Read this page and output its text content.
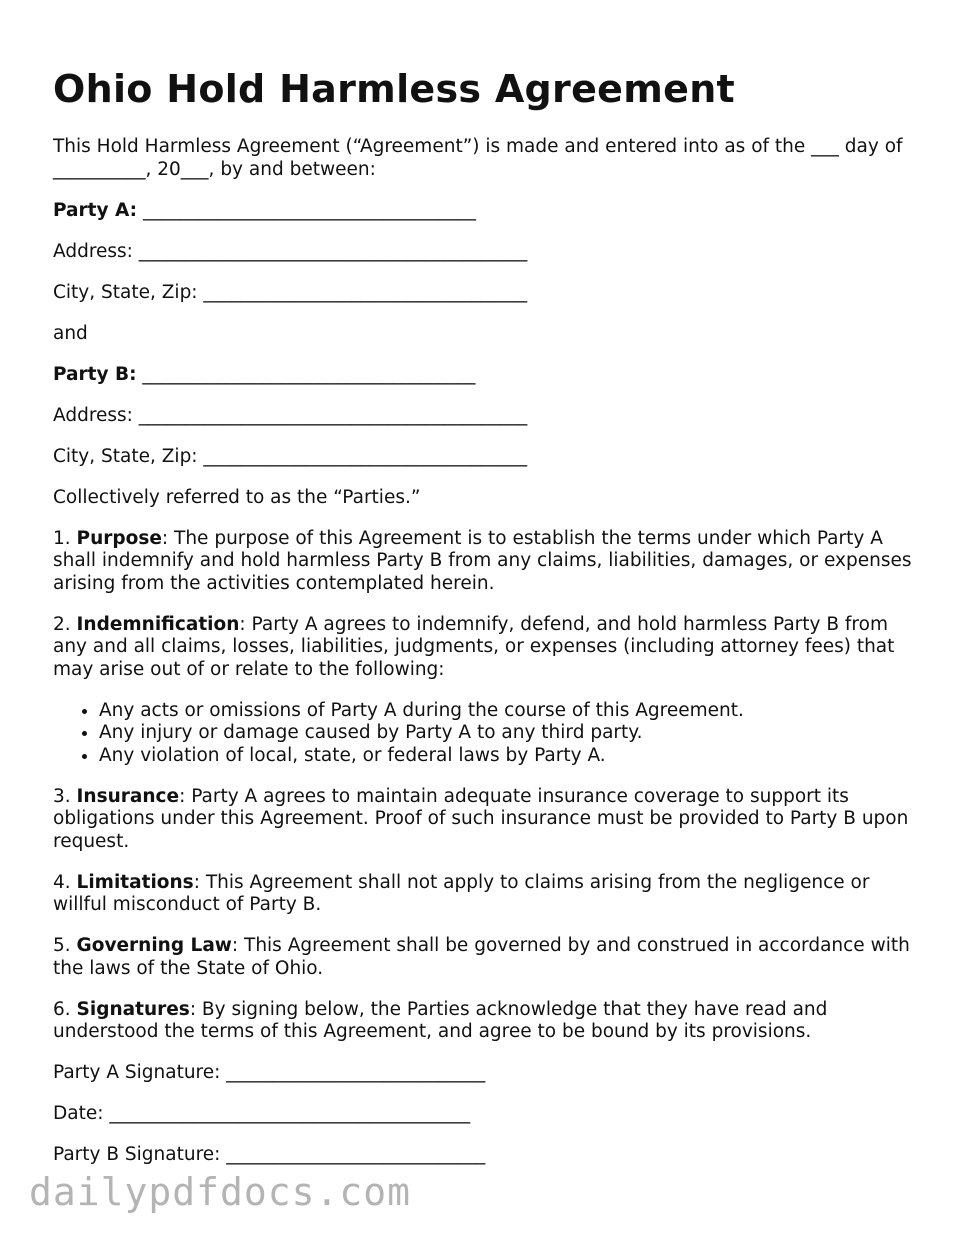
Ohio Hold Harmless Agreement

This Hold Harmless Agreement (“Agreement”) is made and entered into as of the ___ day of __________, 20___, by and between:

Party A: ____________________________________

Address: __________________________________________

City, State, Zip: ___________________________________

and

Party B: ____________________________________

Address: __________________________________________

City, State, Zip: ___________________________________

Collectively referred to as the “Parties.”

1. Purpose: The purpose of this Agreement is to establish the terms under which Party A shall indemnify and hold harmless Party B from any claims, liabilities, damages, or expenses arising from the activities contemplated herein.

2. Indemnification: Party A agrees to indemnify, defend, and hold harmless Party B from any and all claims, losses, liabilities, judgments, or expenses (including attorney fees) that may arise out of or relate to the following:

• Any acts or omissions of Party A during the course of this Agreement.
• Any injury or damage caused by Party A to any third party.
• Any violation of local, state, or federal laws by Party A.

3. Insurance: Party A agrees to maintain adequate insurance coverage to support its obligations under this Agreement. Proof of such insurance must be provided to Party B upon request.

4. Limitations: This Agreement shall not apply to claims arising from the negligence or willful misconduct of Party B.

5. Governing Law: This Agreement shall be governed by and construed in accordance with the laws of the State of Ohio.

6. Signatures: By signing below, the Parties acknowledge that they have read and understood the terms of this Agreement, and agree to be bound by its provisions.

Party A Signature: ____________________________

Date: _______________________________________

Party B Signature: ____________________________

dailypdfdocs.com
